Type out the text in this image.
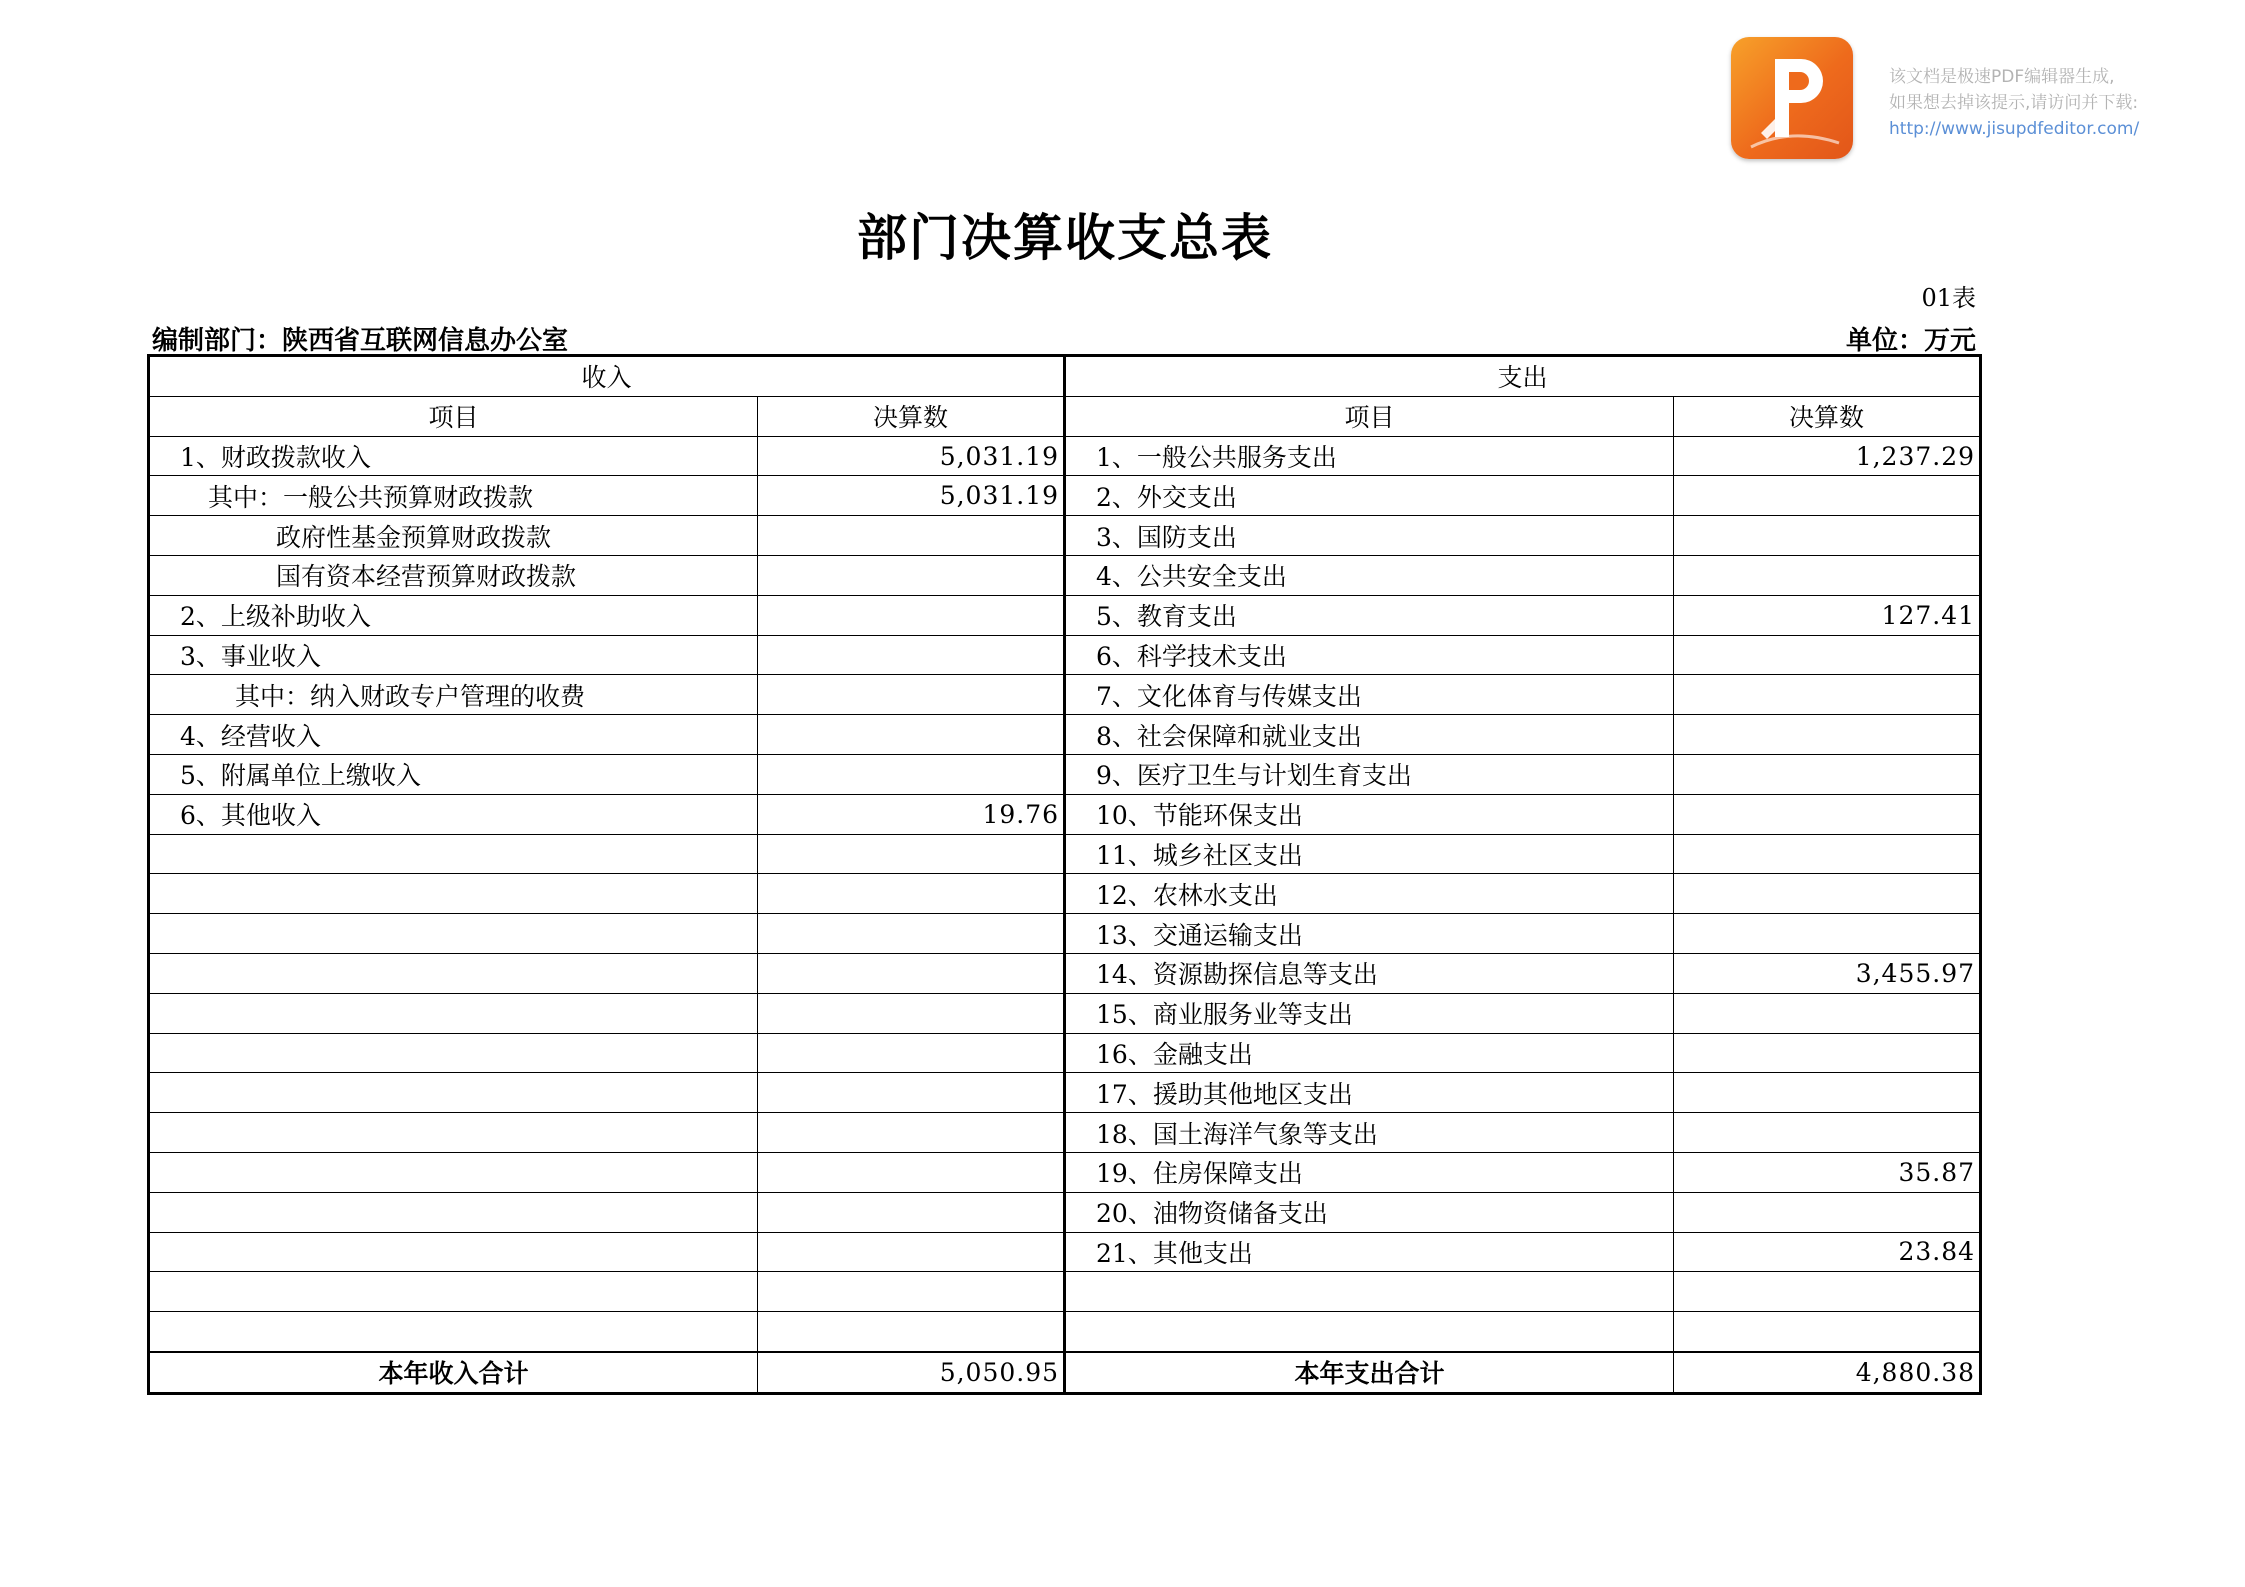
该文档是极速PDF编辑器生成,
如果想去掉该提示,请访问并下载:
http://www.jisupdfeditor.com/
部门决算收支总表
01表
编制部门：陕西省互联网信息办公室	单位：万元
收入		支出	
项目	决算数	项目	决算数
1、财政拨款收入	5,031.19	1、一般公共服务支出	1,237.29
其中：一般公共预算财政拨款	5,031.19	2、外交支出	
政府性基金预算财政拨款		3、国防支出	
国有资本经营预算财政拨款		4、公共安全支出	
2、上级补助收入		5、教育支出	127.41
3、事业收入		6、科学技术支出	
其中：纳入财政专户管理的收费		7、文化体育与传媒支出	
4、经营收入		8、社会保障和就业支出	
5、附属单位上缴收入		9、医疗卫生与计划生育支出	
6、其他收入	19.76	10、节能环保支出	
		11、城乡社区支出	
		12、农林水支出	
		13、交通运输支出	
		14、资源勘探信息等支出	3,455.97
		15、商业服务业等支出	
		16、金融支出	
		17、援助其他地区支出	
		18、国土海洋气象等支出	
		19、住房保障支出	35.87
		20、油物资储备支出	
		21、其他支出	23.84

本年收入合计	5,050.95	本年支出合计	4,880.38
